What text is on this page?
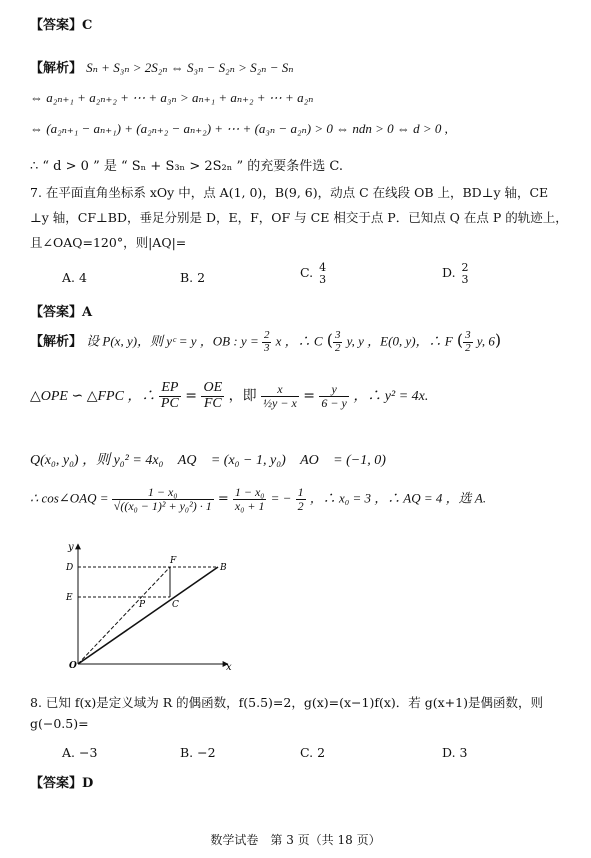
【答案】C
【解析】 Sₙ + S₃ₙ > 2S₂ₙ ⇔ S₃ₙ − S₂ₙ > S₂ₙ − Sₙ
⇔ a₂ₙ₊₁ + a₂ₙ₊₂ + ⋯ + a₃ₙ > aₙ₊₁ + aₙ₊₂ + ⋯ + a₂ₙ
⇔ (a₂ₙ₊₁ − aₙ₊₁) + (a₂ₙ₊₂ − aₙ₊₂) + ⋯ + (a₃ₙ − a₂ₙ) > 0 ⇔ ndn > 0 ⇔ d > 0 ,
∴ “ d > 0 ” 是 “ Sₙ + S₃ₙ > 2S₂ₙ ” 的充要条件选 C.
7. 在平面直角坐标系 xOy 中，点 A(1, 0)，B(9, 6)，动点 C 在线段 OB 上，BD⊥y 轴，CE
⊥y 轴，CF⊥BD，垂足分别是 D，E，F，OF 与 CE 相交于点 P．已知点 Q 在点 P 的轨迹上，
且∠OAQ=120°，则|AQ|=
A. 4	B. 2	C. 4
3	D. 2
3
【答案】A
【解析】 设 P(x, y)，则 yᶜ = y ，OB : $y = \frac{2}{3}$ x ，∴ C ( $\frac{3}{2} y$, y ，E(0, y)，∴ F ( $\frac{3}{2} y$, 6)
△OPE ∽ △FPC ，∴ $\frac{EP}{PC} = \frac{OE}{FC}$ ，即 $\frac{x}{\text{½y − x}} = \frac{y}{6 - y}$ ，∴ y² = 4x.
Q(x₀, y₀) ，则 y₀² = 4x₀ ，AQ⃗ = (x₀ − 1, y₀) ，AO⃗ = (−1, 0)
∴ cos∠OAQ = $\frac{\text{1 − x₀}}{\text{√((x₀ − 1)² + y₀²) · 1}} = \frac{\text{1 − x₀}}{\text{x₀ + 1}}$ = − $\frac{1}{2}$ ，∴ x₀ = 3 ，∴ AQ = 4 ，选 A.
y
x
O
D
E
F
B
P	C
8. 已知 f(x)是定义域为 R 的偶函数，f(5.5)=2，g(x)=(x−1)f(x)．若 g(x+1)是偶函数，则
g(−0.5)=
A. −3	B. −2	C. 2	D. 3
【答案】D
数学试卷　第 3 页（共 18 页）
